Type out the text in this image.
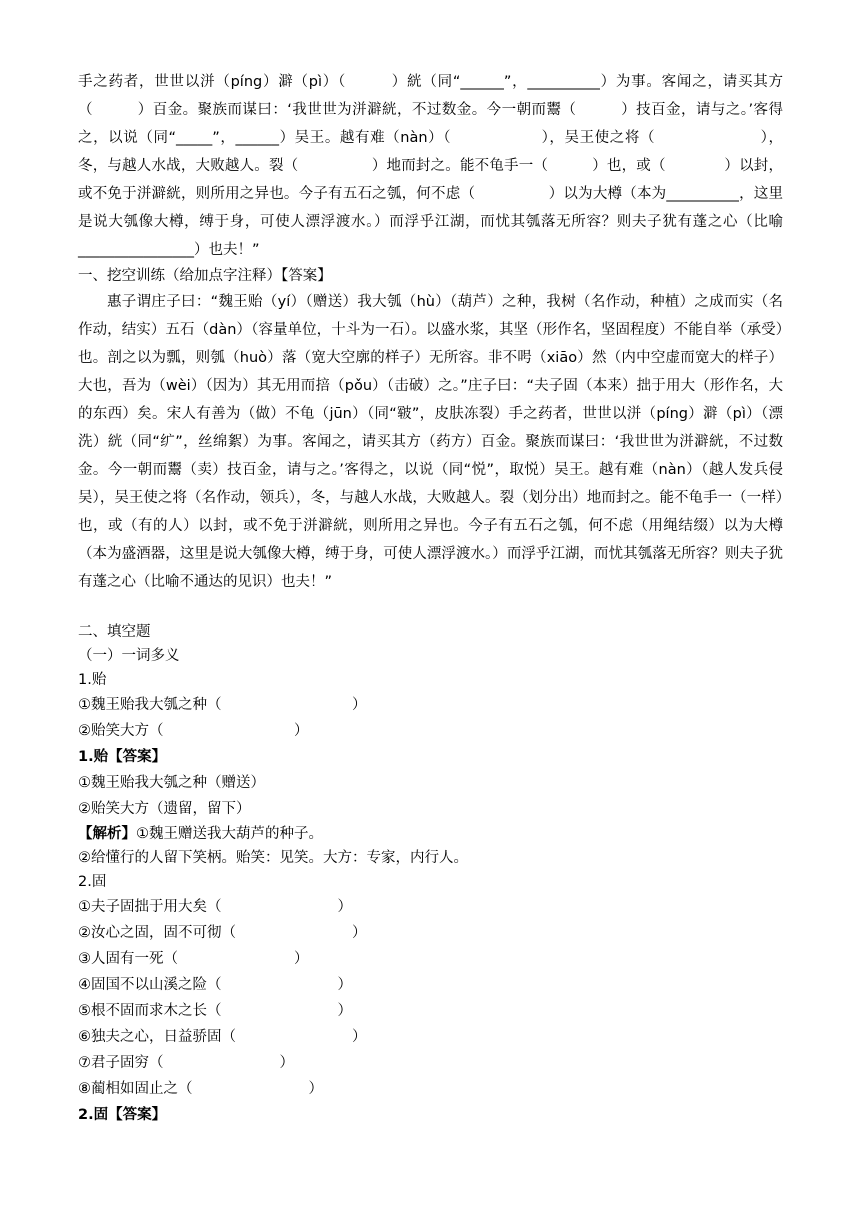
手之药者，世世以洴（píng）澼（pì）（　　　）絖（同“______”，__________）为事。客闻之，请买其方（　　　）百金。聚族而谋曰：‘我世世为洴澼絖，不过数金。今一朝而鬻（　　　）技百金，请与之。’客得之，以说（同“_____”，______）吴王。越有难（nàn）（　　　　　　），吴王使之将（　　　　　　　），冬，与越人水战，大败越人。裂（　　　　　）地而封之。能不龟手一（　　　）也，或（　　　　）以封，或不免于洴澼絖，则所用之异也。今子有五石之瓠，何不虑（　　　　　）以为大樽（本为__________，这里是说大瓠像大樽，缚于身，可使人漂浮渡水。）而浮乎江湖，而忧其瓠落无所容？则夫子犹有蓬之心（比喻________________）也夫！”

一、挖空训练（给加点字注释）【答案】

惠子谓庄子曰：“魏王贻（yí）（赠送）我大瓠（hù）（葫芦）之种，我树（名作动，种植）之成而实（名作动，结实）五石（dàn）（容量单位，十斗为一石）。以盛水浆，其坚（形作名，坚固程度）不能自举（承受）也。剖之以为瓢，则瓠（huò）落（宽大空廓的样子）无所容。非不呺（xiāo）然（内中空虚而宽大的样子）大也，吾为（wèi）（因为）其无用而掊（pǒu）（击破）之。”庄子曰：“夫子固（本来）拙于用大（形作名，大的东西）矣。宋人有善为（做）不龟（jūn）（同“皲”，皮肤冻裂）手之药者，世世以洴（píng）澼（pì）（漂洗）絖（同“纩”，丝绵絮）为事。客闻之，请买其方（药方）百金。聚族而谋曰：‘我世世为洴澼絖，不过数金。今一朝而鬻（卖）技百金，请与之。’客得之，以说（同“悦”，取悦）吴王。越有难（nàn）（越人发兵侵吴），吴王使之将（名作动，领兵），冬，与越人水战，大败越人。裂（划分出）地而封之。能不龟手一（一样）也，或（有的人）以封，或不免于洴澼絖，则所用之异也。今子有五石之瓠，何不虑（用绳结缀）以为大樽（本为盛酒器，这里是说大瓠像大樽，缚于身，可使人漂浮渡水。）而浮乎江湖，而忧其瓠落无所容？则夫子犹有蓬之心（比喻不通达的见识）也夫！”

二、填空题

（一）一词多义

1.贻

①魏王贻我大瓠之种（　　　　　　　　　）

②贻笑大方（　　　　　　　　　）

1.贻【答案】

①魏王贻我大瓠之种（赠送）

②贻笑大方（遗留，留下）

【解析】①魏王赠送我大葫芦的种子。

②给懂行的人留下笑柄。贻笑：见笑。大方：专家，内行人。

2.固

①夫子固拙于用大矣（　　　　　　　　）

②汝心之固，固不可彻（　　　　　　　　）

③人固有一死（　　　　　　　　）

④固国不以山溪之险（　　　　　　　　）

⑤根不固而求木之长（　　　　　　　　）

⑥独夫之心，日益骄固（　　　　　　　　）

⑦君子固穷（　　　　　　　　）

⑧蔺相如固止之（　　　　　　　　）

2.固【答案】
